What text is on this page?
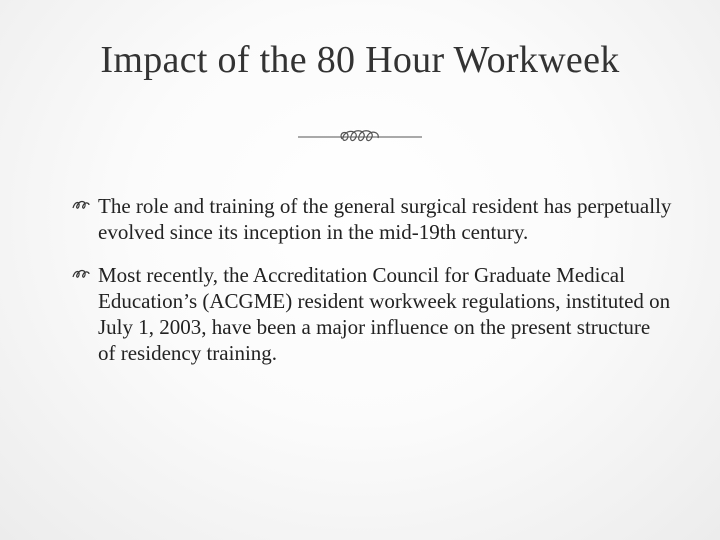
Impact of the 80 Hour Workweek
The role and training of the general surgical resident has perpetually evolved since its inception in the mid-19th century.
Most recently, the Accreditation Council for Graduate Medical Education’s (ACGME) resident workweek regulations, instituted on July 1, 2003, have been a major influence on the present structure of residency training.
